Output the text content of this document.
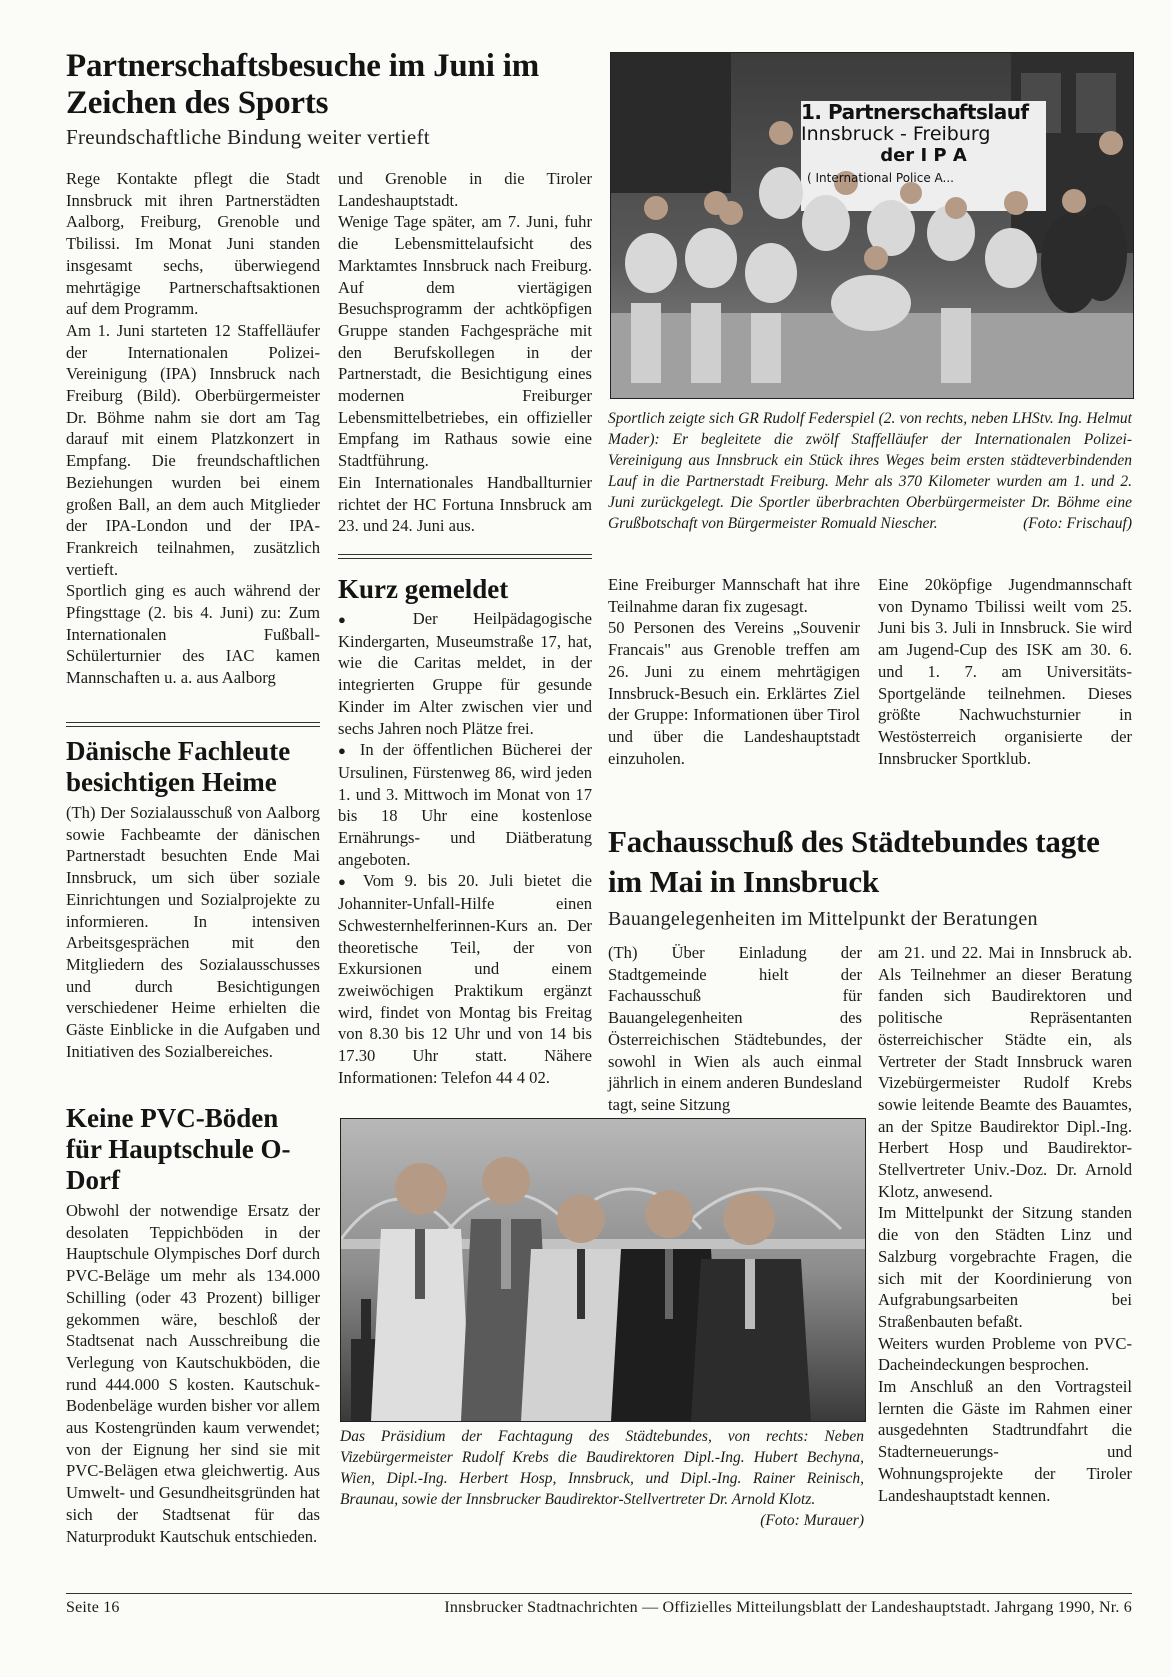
Partnerschaftsbesuche im Juni im Zeichen des Sports
Freundschaftliche Bindung weiter vertieft

Rege Kontakte pflegt die Stadt Innsbruck mit ihren Partnerstädten Aalborg, Freiburg, Grenoble und Tbilissi. Im Monat Juni standen insgesamt sechs, überwiegend mehrtägige Partnerschaftsaktionen auf dem Programm.

Am 1. Juni starteten 12 Staffelläufer der Internationalen Polizei-Vereinigung (IPA) Innsbruck nach Freiburg (Bild). Oberbürgermeister Dr. Böhme nahm sie dort am Tag darauf mit einem Platzkonzert in Empfang. Die freundschaftlichen Beziehungen wurden bei einem großen Ball, an dem auch Mitglieder der IPA-London und der IPA-Frankreich teilnahmen, zusätzlich vertieft.

Sportlich ging es auch während der Pfingsttage (2. bis 4. Juni) zu: Zum Internationalen Fußball-Schülerturnier des IAC kamen Mannschaften u. a. aus Aalborg

und Grenoble in die Tiroler Landeshauptstadt.

Wenige Tage später, am 7. Juni, fuhr die Lebensmittelaufsicht des Marktamtes Innsbruck nach Freiburg. Auf dem viertägigen Besuchsprogramm der achtköpfigen Gruppe standen Fachgespräche mit den Berufskollegen in der Partnerstadt, die Besichtigung eines modernen Freiburger Lebensmittelbetriebes, ein offizieller Empfang im Rathaus sowie eine Stadtführung.

Ein Internationales Handballturnier richtet der HC Fortuna Innsbruck am 23. und 24. Juni aus.

1. Partnerschaftslauf
Innsbruck - Freiburg
der I P A
( International Police A...

Sportlich zeigte sich GR Rudolf Federspiel (2. von rechts, neben LHStv. Ing. Helmut Mader): Er begleitete die zwölf Staffelläufer der Internationalen Polizei-Vereinigung aus Innsbruck ein Stück ihres Weges beim ersten städteverbindenden Lauf in die Partnerstadt Freiburg. Mehr als 370 Kilometer wurden am 1. und 2. Juni zurückgelegt. Die Sportler überbrachten Oberbürgermeister Dr. Böhme eine Grußbotschaft von Bürgermeister Romuald Niescher.	(Foto: Frischauf)

Eine Freiburger Mannschaft hat ihre Teilnahme daran fix zugesagt.

50 Personen des Vereins „Souvenir Francais" aus Grenoble treffen am 26. Juni zu einem mehrtägigen Innsbruck-Besuch ein. Erklärtes Ziel der Gruppe: Informationen über Tirol und über die Landeshauptstadt einzuholen.

Eine 20köpfige Jugendmannschaft von Dynamo Tbilissi weilt vom 25. Juni bis 3. Juli in Innsbruck. Sie wird am Jugend-Cup des ISK am 30. 6. und 1. 7. am Universitäts-Sportgelände teilnehmen. Dieses größte Nachwuchsturnier in Westösterreich organisierte der Innsbrucker Sportklub.

Dänische Fachleute besichtigen Heime

(Th) Der Sozialausschuß von Aalborg sowie Fachbeamte der dänischen Partnerstadt besuchten Ende Mai Innsbruck, um sich über soziale Einrichtungen und Sozialprojekte zu informieren. In intensiven Arbeitsgesprächen mit den Mitgliedern des Sozialausschusses und durch Besichtigungen verschiedener Heime erhielten die Gäste Einblicke in die Aufgaben und Initiativen des Sozialbereiches.

Keine PVC-Böden für Hauptschule O-Dorf

Obwohl der notwendige Ersatz der desolaten Teppichböden in der Hauptschule Olympisches Dorf durch PVC-Beläge um mehr als 134.000 Schilling (oder 43 Prozent) billiger gekommen wäre, beschloß der Stadtsenat nach Ausschreibung die Verlegung von Kautschukböden, die rund 444.000 S kosten. Kautschuk-Bodenbeläge wurden bisher vor allem aus Kostengründen kaum verwendet; von der Eignung her sind sie mit PVC-Belägen etwa gleichwertig. Aus Umwelt- und Gesundheitsgründen hat sich der Stadtsenat für das Naturprodukt Kautschuk entschieden.

Kurz gemeldet

● Der Heilpädagogische Kindergarten, Museumstraße 17, hat, wie die Caritas meldet, in der integrierten Gruppe für gesunde Kinder im Alter zwischen vier und sechs Jahren noch Plätze frei.

● In der öffentlichen Bücherei der Ursulinen, Fürstenweg 86, wird jeden 1. und 3. Mittwoch im Monat von 17 bis 18 Uhr eine kostenlose Ernährungs- und Diätberatung angeboten.

● Vom 9. bis 20. Juli bietet die Johanniter-Unfall-Hilfe einen Schwesternhelferinnen-Kurs an. Der theoretische Teil, der von Exkursionen und einem zweiwöchigen Praktikum ergänzt wird, findet von Montag bis Freitag von 8.30 bis 12 Uhr und von 14 bis 17.30 Uhr statt. Nähere Informationen: Telefon 44 4 02.

Fachausschuß des Städtebundes tagte im Mai in Innsbruck
Bauangelegenheiten im Mittelpunkt der Beratungen

(Th) Über Einladung der Stadtgemeinde hielt der Fachausschuß für Bauangelegenheiten des Österreichischen Städtebundes, der sowohl in Wien als auch einmal jährlich in einem anderen Bundesland tagt, seine Sitzung

am 21. und 22. Mai in Innsbruck ab. Als Teilnehmer an dieser Beratung fanden sich Baudirektoren und politische Repräsentanten österreichischer Städte ein, als Vertreter der Stadt Innsbruck waren Vizebürgermeister Rudolf Krebs sowie leitende Beamte des Bauamtes, an der Spitze Baudirektor Dipl.-Ing. Herbert Hosp und Baudirektor-Stellvertreter Univ.-Doz. Dr. Arnold Klotz, anwesend.

Im Mittelpunkt der Sitzung standen die von den Städten Linz und Salzburg vorgebrachte Fragen, die sich mit der Koordinierung von Aufgrabungsarbeiten bei Straßenbauten befaßt.

Weiters wurden Probleme von PVC-Dacheindeckungen besprochen.

Im Anschluß an den Vortragsteil lernten die Gäste im Rahmen einer ausgedehnten Stadtrundfahrt die Stadterneuerungs- und Wohnungsprojekte der Tiroler Landeshauptstadt kennen.

Das Präsidium der Fachtagung des Städtebundes, von rechts: Neben Vizebürgermeister Rudolf Krebs die Baudirektoren Dipl.-Ing. Hubert Bechyna, Wien, Dipl.-Ing. Herbert Hosp, Innsbruck, und Dipl.-Ing. Rainer Reinisch, Braunau, sowie der Innsbrucker Baudirektor-Stellvertreter Dr. Arnold Klotz.
(Foto: Murauer)

Seite 16	Innsbrucker Stadtnachrichten — Offizielles Mitteilungsblatt der Landeshauptstadt. Jahrgang 1990, Nr. 6
